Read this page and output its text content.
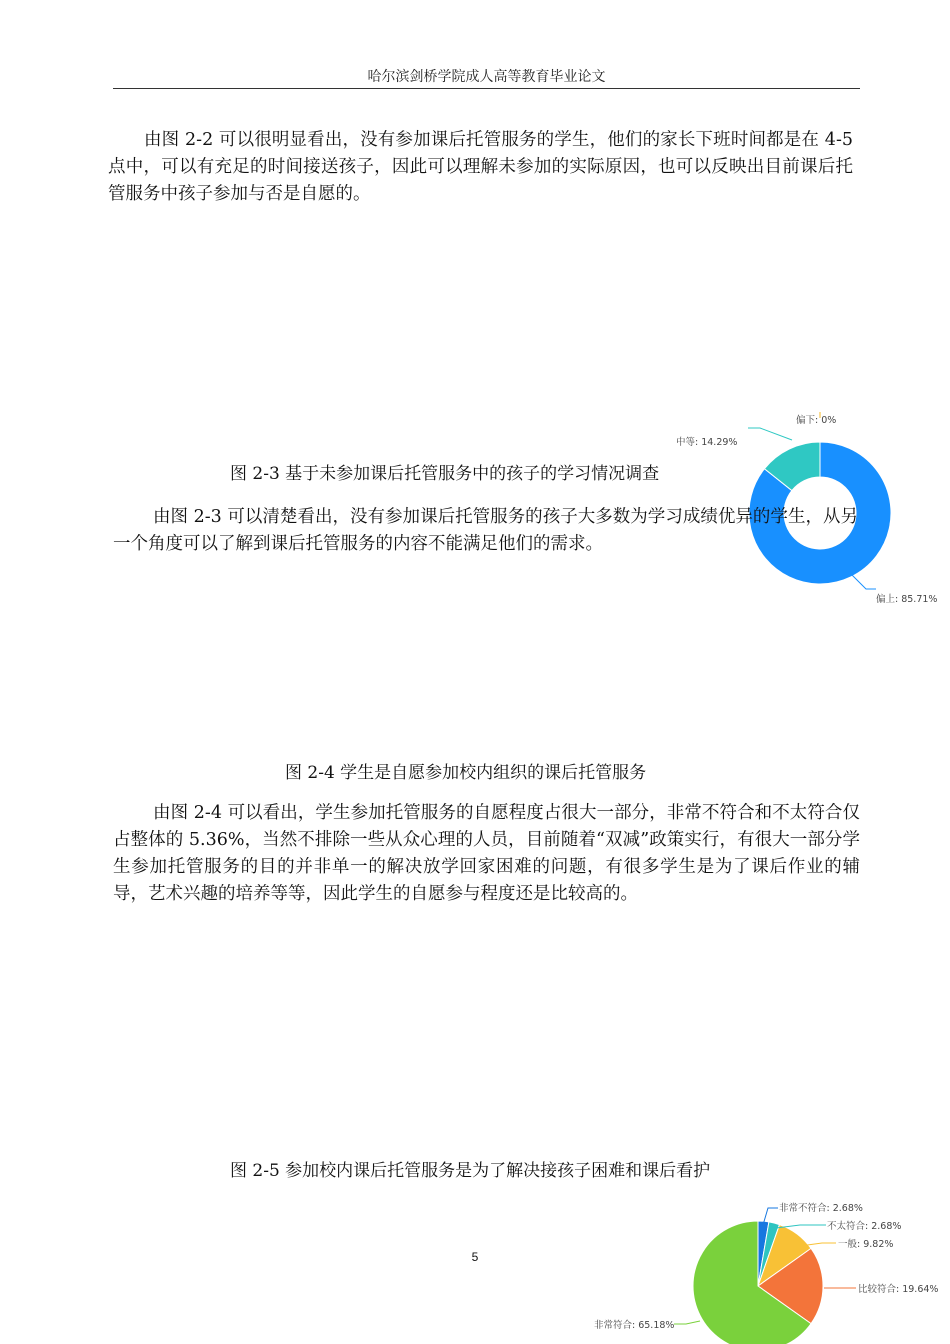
哈尔滨剑桥学院成人高等教育毕业论文

由图 2-2 可以很明显看出，没有参加课后托管服务的学生，他们的家长下班时间都是在 4-5 点中，可以有充足的时间接送孩子，因此可以理解未参加的实际原因，也可以反映出目前课后托管服务中孩子参加与否是自愿的。

中等: 14.29%
偏下: 0%
偏上: 85.71%
图 2-3 基于未参加课后托管服务中的孩子的学习情况调查

由图 2-3 可以清楚看出，没有参加课后托管服务的孩子大多数为学习成绩优异的学生，从另一个角度可以了解到课后托管服务的内容不能满足他们的需求。

非常不符合: 2.68%
不太符合: 2.68%
一般: 9.82%
比较符合: 19.64%
非常符合: 65.18%
图 2-4 学生是自愿参加校内组织的课后托管服务

由图 2-4 可以看出，学生参加托管服务的自愿程度占很大一部分，非常不符合和不太符合仅占整体的 5.36%，当然不排除一些从众心理的人员，目前随着“双减”政策实行，有很大一部分学生参加托管服务的目的并非单一的解决放学回家困难的问题，有很多学生是为了课后作业的辅导，艺术兴趣的培养等等，因此学生的自愿参与程度还是比较高的。

图 2-5 参加校内课后托管服务是为了解决接孩子困难和课后看护
5
